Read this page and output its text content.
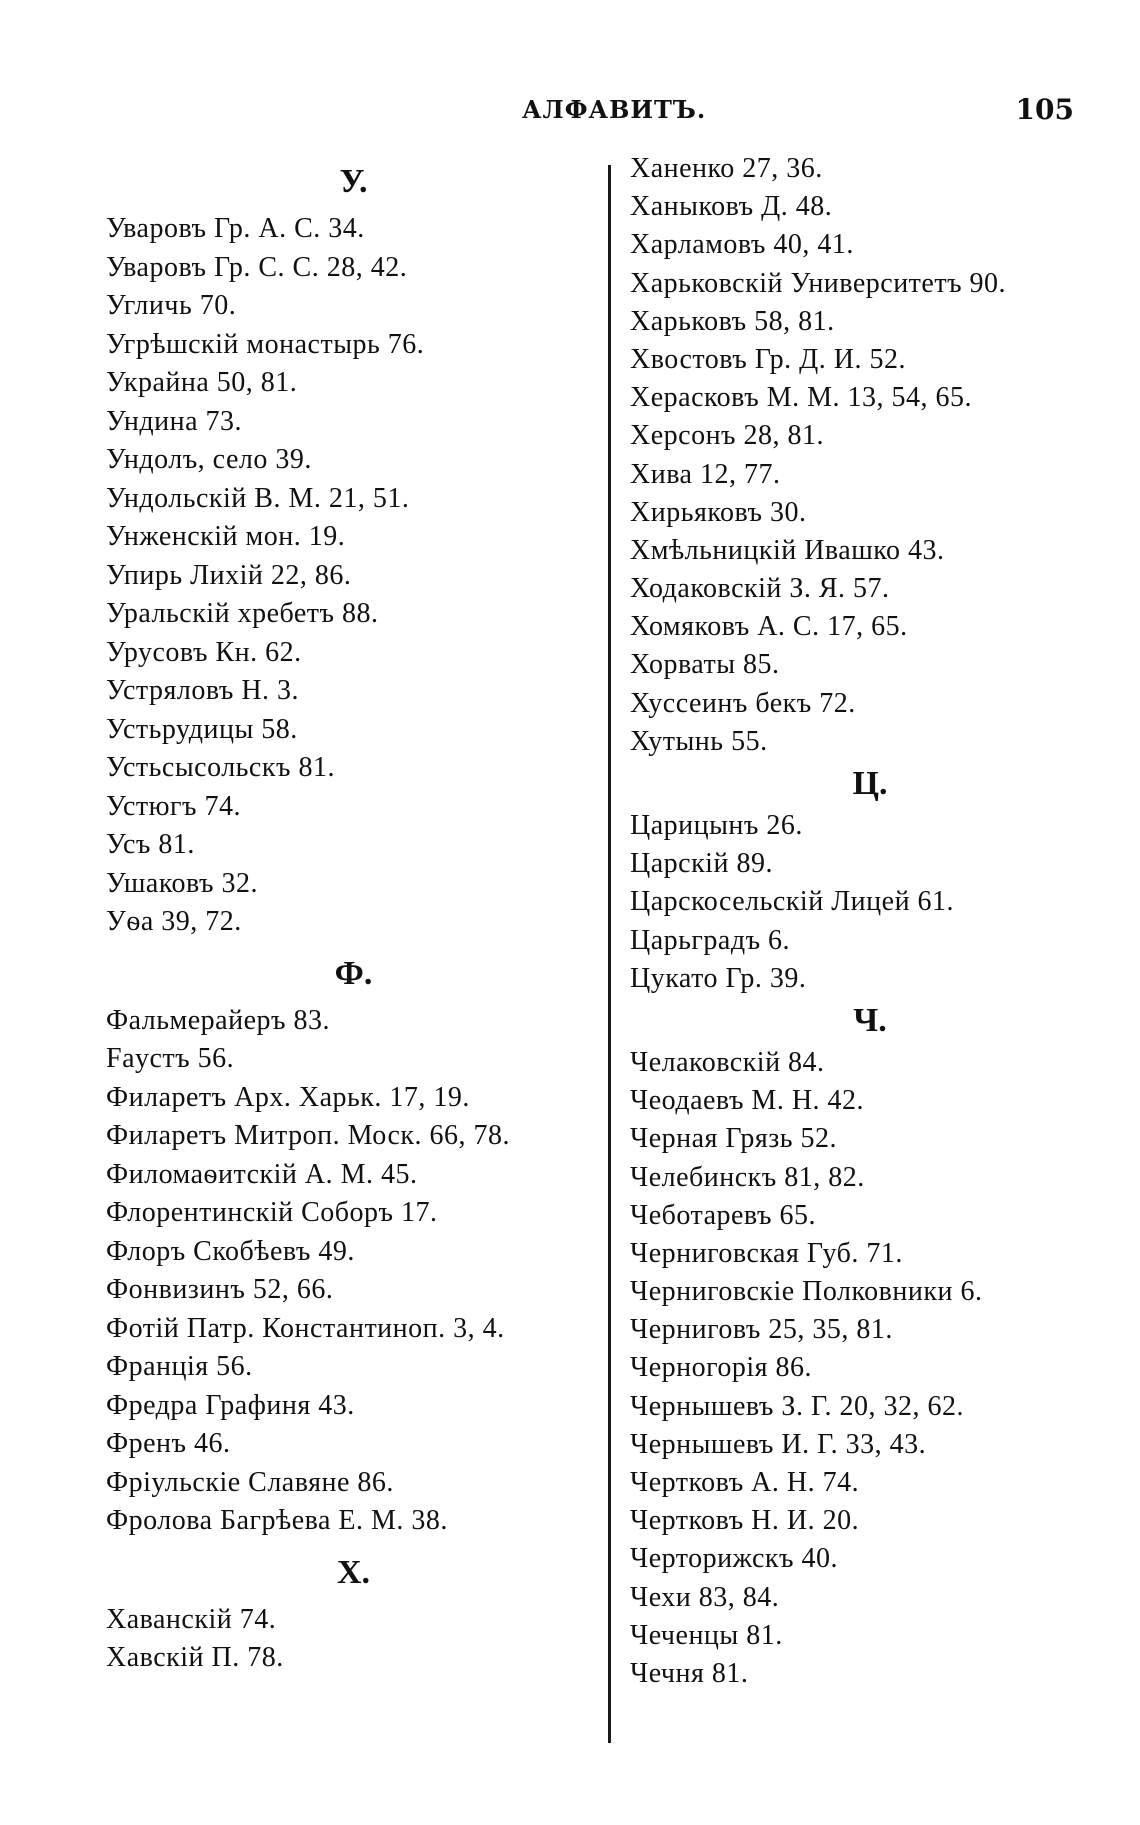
АЛФАВИТЪ.	105
У.
Уваровъ Гр. А. С. 34.
Уваровъ Гр. С. С. 28, 42.
Угличь 70.
Угрѣшскій монастырь 76.
Украйна 50, 81.
Ундина 73.
Ундолъ, село 39.
Ундольскій В. М. 21, 51.
Унженскій мон. 19.
Упирь Лихій 22, 86.
Уральскій хребетъ 88.
Урусовъ Кн. 62.
Устряловъ Н. 3.
Устьрудицы 58.
Устьсысольскъ 81.
Устюгъ 74.
Усъ 81.
Ушаковъ 32.
Уѳа 39, 72.
Ф.
Фальмерайеръ 83.
Faустъ 56.
Филаретъ Арх. Харьк. 17, 19.
Филаретъ Митроп. Моск. 66, 78.
Филомаѳитскій А. М. 45.
Флорентинскій Соборъ 17.
Флоръ Скобѣевъ 49.
Фонвизинъ 52, 66.
Фотій Патр. Константиноп. 3, 4.
Франція 56.
Фредра Графиня 43.
Френъ 46.
Фріульскіе Славяне 86.
Фролова Багрѣева Е. М. 38.
Х.
Хаванскій 74.
Хавскій П. 78.
Ханенко 27, 36.
Ханыковъ Д. 48.
Харламовъ 40, 41.
Харьковскій Университетъ 90.
Харьковъ 58, 81.
Хвостовъ Гр. Д. И. 52.
Херасковъ М. М. 13, 54, 65.
Херсонъ 28, 81.
Хива 12, 77.
Хирьяковъ 30.
Хмѣльницкій Ивашко 43.
Ходаковскій З. Я. 57.
Хомяковъ А. С. 17, 65.
Хорваты 85.
Хуссеинъ бекъ 72.
Хутынь 55.
Ц.
Царицынъ 26.
Царскій 89.
Царскосельскій Лицей 61.
Царьградъ 6.
Цукато Гр. 39.
Ч.
Челаковскій 84.
Чеодаевъ М. Н. 42.
Черная Грязь 52.
Челебинскъ 81, 82.
Чеботаревъ 65.
Черниговская Губ. 71.
Черниговскіе Полковники 6.
Черниговъ 25, 35, 81.
Черногорія 86.
Чернышевъ З. Г. 20, 32, 62.
Чернышевъ И. Г. 33, 43.
Чертковъ А. Н. 74.
Чертковъ Н. И. 20.
Черторижскъ 40.
Чехи 83, 84.
Чеченцы 81.
Чечня 81.
